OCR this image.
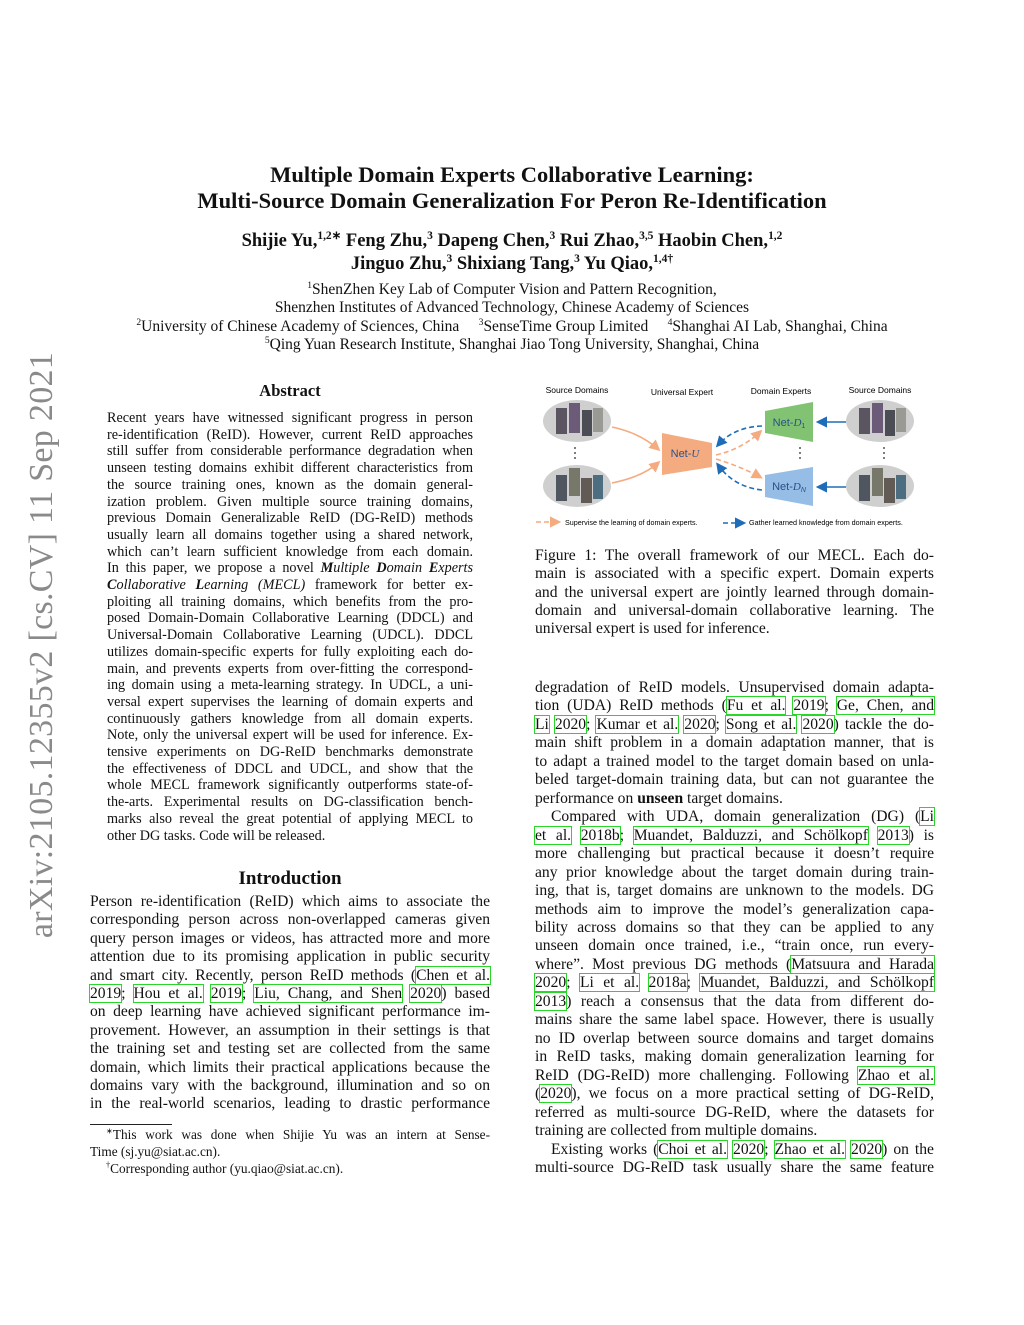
arXiv:2105.12355v2 [cs.CV] 11 Sep 2021
Multiple Domain Experts Collaborative Learning:
Multi-Source Domain Generalization For Peron Re-Identification
Shijie Yu,$^{1,2∗}$ Feng Zhu,$^3$ Dapeng Chen,$^3$ Rui Zhao,$^{3,5}$ Haobin Chen,$^{1,2}$
Jinguo Zhu,$^3$ Shixiang Tang,$^3$ Yu Qiao,$^{1,4\dagger}$
$^1$ShenZhen Key Lab of Computer Vision and Pattern Recognition,
Shenzhen Institutes of Advanced Technology, Chinese Academy of Sciences
$^2$University of Chinese Academy of Sciences, China     $^3$SenseTime Group Limited     $^4$Shanghai AI Lab, Shanghai, China
$^5$Qing Yuan Research Institute, Shanghai Jiao Tong University, Shanghai, China
Abstract
Recent years have witnessed significant progress in person
re-identification (ReID). However, current ReID approaches
still suffer from considerable performance degradation when
unseen testing domains exhibit different characteristics from
the source training ones, known as the domain general-
ization problem. Given multiple source training domains,
previous Domain Generalizable ReID (DG-ReID) methods
usually learn all domains together using a shared network,
which can’t learn sufficient knowledge from each domain.
In this paper, we propose a novel Multiple Domain Experts
Collaborative Learning (MECL) framework for better ex-
ploiting all training domains, which benefits from the pro-
posed Domain-Domain Collaborative Learning (DDCL) and
Universal-Domain Collaborative Learning (UDCL). DDCL
utilizes domain-specific experts for fully exploiting each do-
main, and prevents experts from over-fitting the correspond-
ing domain using a meta-learning strategy. In UDCL, a uni-
versal expert supervises the learning of domain experts and
continuously gathers knowledge from all domain experts.
Note, only the universal expert will be used for inference. Ex-
tensive experiments on DG-ReID benchmarks demonstrate
the effectiveness of DDCL and UDCL, and show that the
whole MECL framework significantly outperforms state-of-
the-arts. Experimental results on DG-classification bench-
marks also reveal the great potential of applying MECL to
other DG tasks. Code will be released.
Introduction
Person re-identification (ReID) which aims to associate the
corresponding person across non-overlapped cameras given
query person images or videos, has attracted more and more
attention due to its promising application in public security
and smart city. Recently, person ReID methods (Chen et al.
2019; Hou et al. 2019; Liu, Chang, and Shen 2020) based
on deep learning have achieved significant performance im-
provement. However, an assumption in their settings is that
the training set and testing set are collected from the same
domain, which limits their practical applications because the
domains vary with the background, illumination and so on
in the real-world scenarios, leading to drastic performance
∗This work was done when Shijie Yu was an intern at Sense-
Time (sj.yu@siat.ac.cn).
†Corresponding author (yu.qiao@siat.ac.cn).
Source Domains	Universal Expert	Domain Experts	Source Domains
Net-U
Net-D1
Net-DN
Supervise the learning of domain experts.	Gather learned knowledge from domain experts.
Figure 1: The overall framework of our MECL. Each do-
main is associated with a specific expert. Domain experts
and the universal expert are jointly learned through domain-
domain and universal-domain collaborative learning. The
universal expert is used for inference.
degradation of ReID models. Unsupervised domain adapta-
tion (UDA) ReID methods (Fu et al. 2019; Ge, Chen, and
Li 2020; Kumar et al. 2020; Song et al. 2020) tackle the do-
main shift problem in a domain adaptation manner, that is
to adapt a trained model to the target domain based on unla-
beled target-domain training data, but can not guarantee the
performance on unseen target domains.
Compared with UDA, domain generalization (DG) (Li
et al. 2018b; Muandet, Balduzzi, and Schölkopf 2013) is
more challenging but practical because it doesn’t require
any prior knowledge about the target domain during train-
ing, that is, target domains are unknown to the models. DG
methods aim to improve the model’s generalization capa-
bility across domains so that they can be applied to any
unseen domain once trained, i.e., “train once, run every-
where”. Most previous DG methods (Matsuura and Harada
2020; Li et al. 2018a; Muandet, Balduzzi, and Schölkopf
2013) reach a consensus that the data from different do-
mains share the same label space. However, there is usually
no ID overlap between source domains and target domains
in ReID tasks, making domain generalization learning for
ReID (DG-ReID) more challenging. Following Zhao et al.
(2020), we focus on a more practical setting of DG-ReID,
referred as multi-source DG-ReID, where the datasets for
training are collected from multiple domains.
Existing works (Choi et al. 2020; Zhao et al. 2020) on the
multi-source DG-ReID task usually share the same feature
